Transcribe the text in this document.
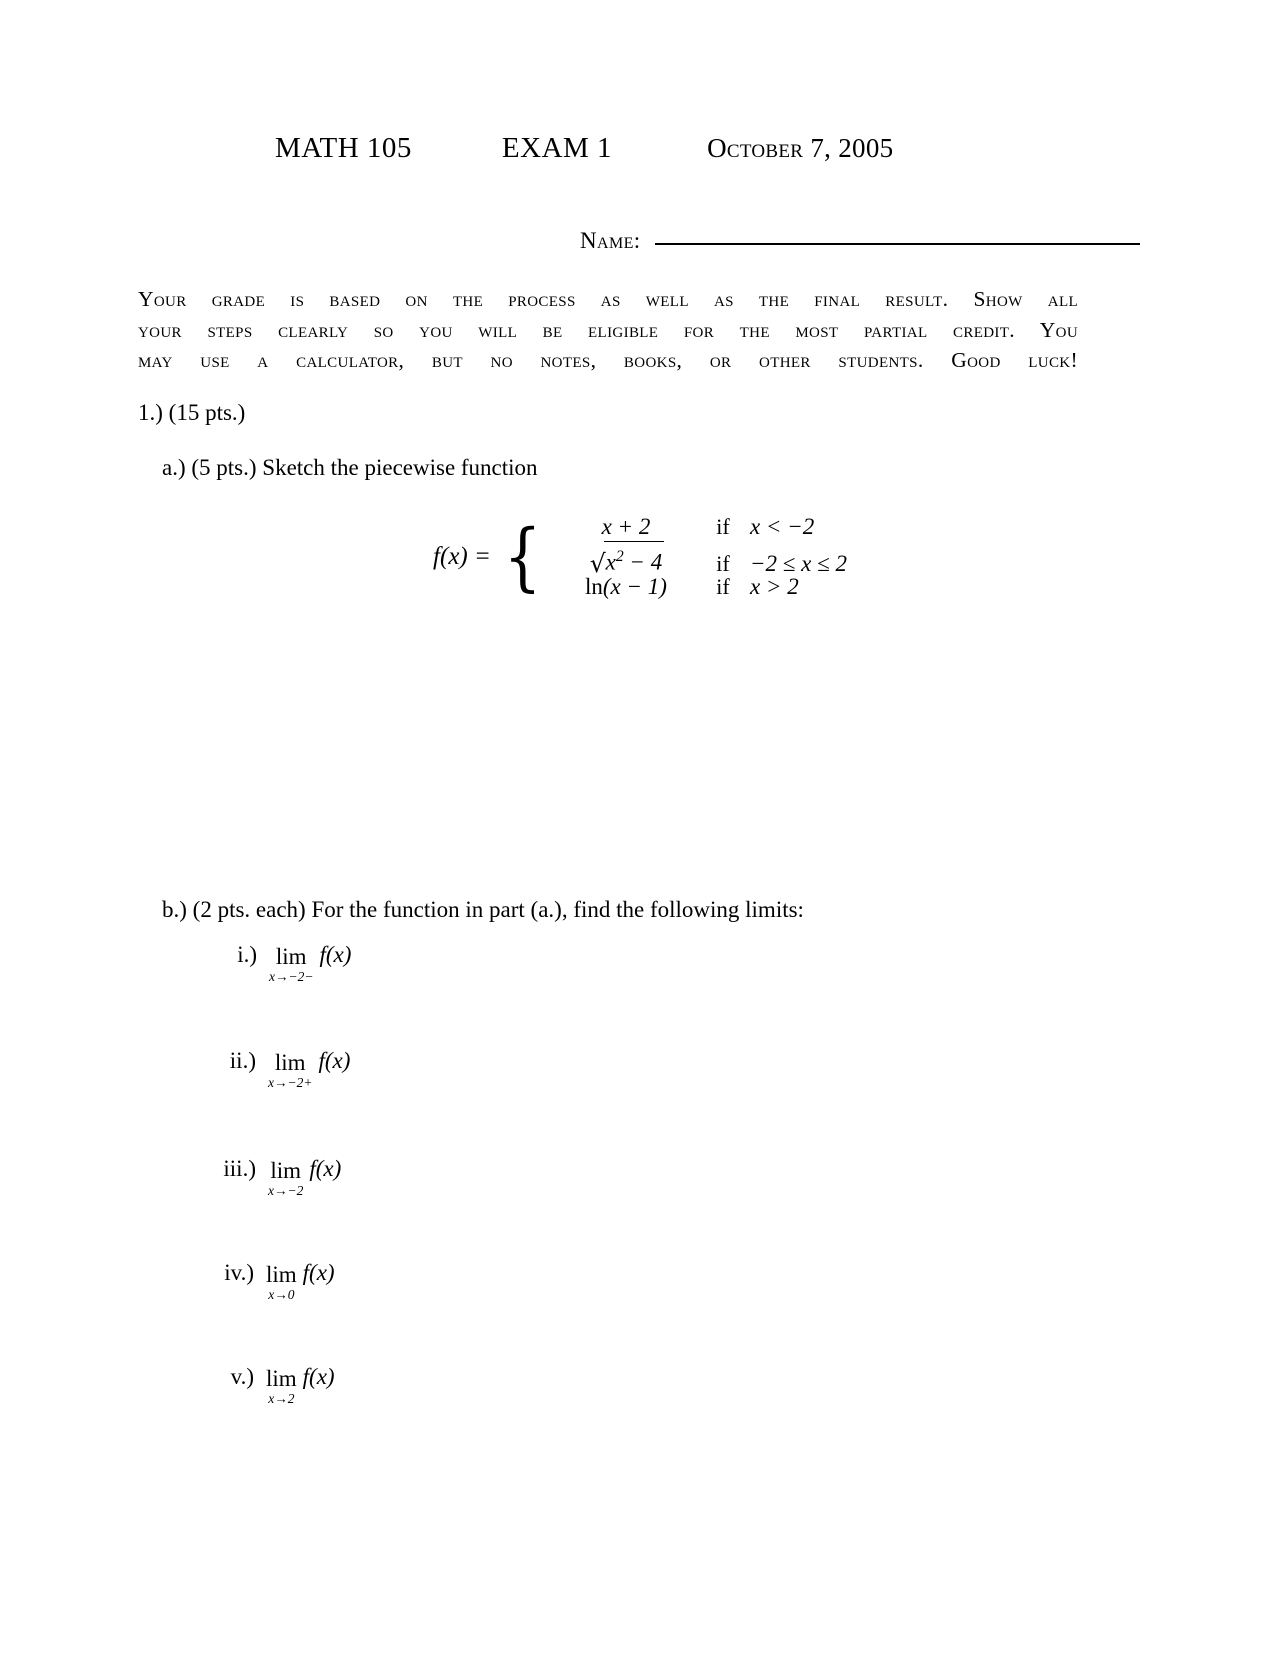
MATH 105	EXAM 1	October 7, 2005
Name:
Your grade is based on the process as well as the final result. Show all
your steps clearly so you will be eligible for the most partial credit. You
may use a calculator, but no notes, books, or other students. Good luck!
1.) (15 pts.)
a.) (5 pts.) Sketch the piecewise function
f(x) = {	x + 2	if x < −2
$√x^2 - 4$	if −2 ≤ x ≤ 2
ln(x − 1)	if x > 2
b.) (2 pts. each) For the function in part (a.), find the following limits:
i.) lim
x→−2−
f(x)
ii.) lim
x→−2+
f(x)
iii.) lim
x→−2
f(x)
iv.) lim
x→0
f(x)
v.) lim
x→2
f(x)
